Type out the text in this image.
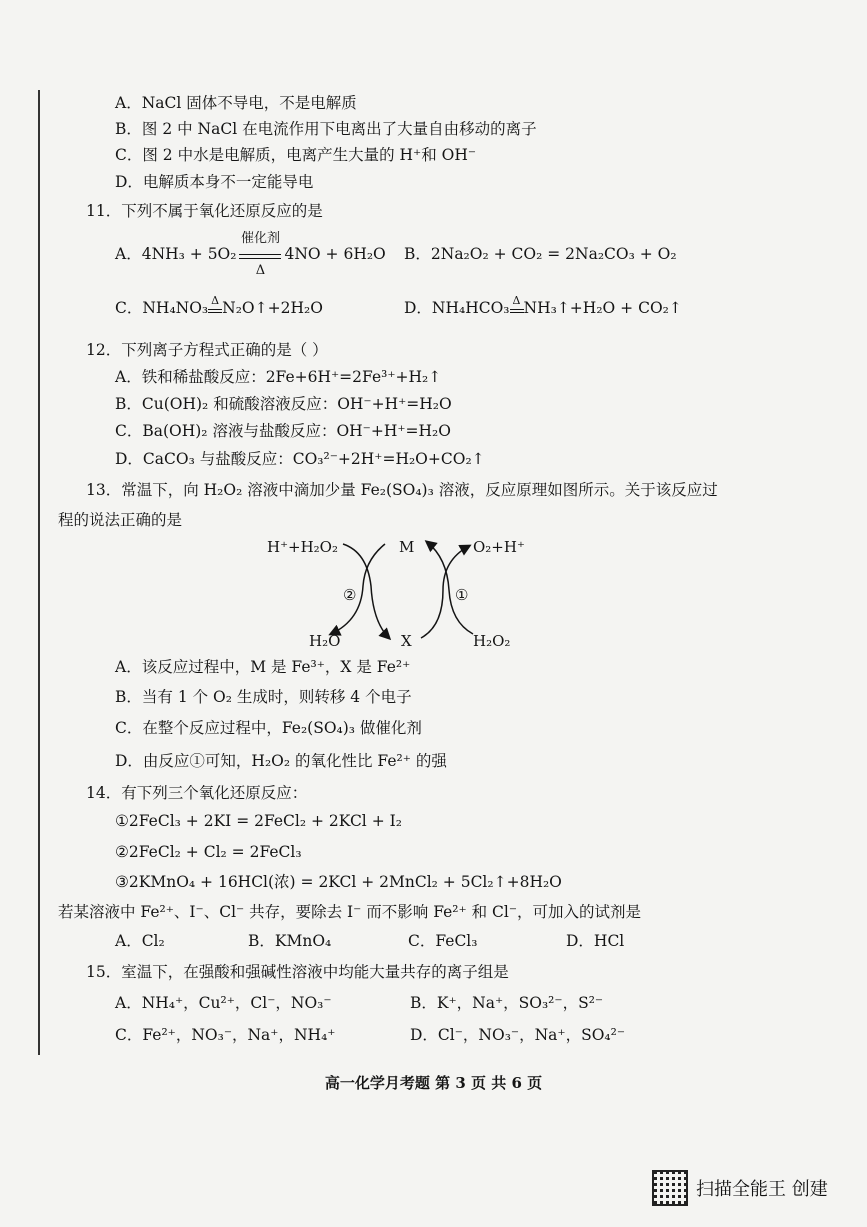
A．NaCl 固体不导电，不是电解质
B．图 2 中 NaCl 在电流作用下电离出了大量自由移动的离子
C．图 2 中水是电解质，电离产生大量的 H⁺和 OH⁻
D．电解质本身不一定能导电
11．下列不属于氧化还原反应的是
A．4NH₃ + 5O₂
催化剂
Δ
4NO + 6H₂O B．2Na₂O₂ + CO₂ = 2Na₂CO₃ + O₂
C．NH₄NO₃ Δ N₂O↑+2H₂O	D．NH₄HCO₃ Δ NH₃↑+H₂O + CO₂↑
12．下列离子方程式正确的是（ ）
A．铁和稀盐酸反应：2Fe+6H⁺=2Fe³⁺+H₂↑
B．Cu(OH)₂ 和硫酸溶液反应：OH⁻+H⁺=H₂O
C．Ba(OH)₂ 溶液与盐酸反应：OH⁻+H⁺=H₂O
D．CaCO₃ 与盐酸反应：CO₃²⁻+2H⁺=H₂O+CO₂↑
13．常温下，向 H₂O₂ 溶液中滴加少量 Fe₂(SO₄)₃ 溶液，反应原理如图所示。关于该反应过
程的说法正确的是
H⁺+H₂O₂	M	O₂+H⁺
②	①
H₂O	X	H₂O₂
A．该反应过程中，M 是 Fe³⁺，X 是 Fe²⁺
B．当有 1 个 O₂ 生成时，则转移 4 个电子
C．在整个反应过程中，Fe₂(SO₄)₃ 做催化剂
D．由反应①可知，H₂O₂ 的氧化性比 Fe²⁺ 的强
14．有下列三个氧化还原反应：
①2FeCl₃ + 2KI = 2FeCl₂ + 2KCl + I₂
②2FeCl₂ + Cl₂ = 2FeCl₃
③2KMnO₄ + 16HCl(浓) = 2KCl + 2MnCl₂ + 5Cl₂↑+8H₂O
若某溶液中 Fe²⁺、I⁻、Cl⁻ 共存，要除去 I⁻ 而不影响 Fe²⁺ 和 Cl⁻，可加入的试剂是
A．Cl₂	B．KMnO₄	C．FeCl₃	D．HCl
15．室温下，在强酸和强碱性溶液中均能大量共存的离子组是
A．NH₄⁺，Cu²⁺，Cl⁻，NO₃⁻	B．K⁺，Na⁺，SO₃²⁻，S²⁻
C．Fe²⁺，NO₃⁻，Na⁺，NH₄⁺	D．Cl⁻，NO₃⁻，Na⁺，SO₄²⁻
高一化学月考题 第 3 页 共 6 页
扫描全能王 创建
